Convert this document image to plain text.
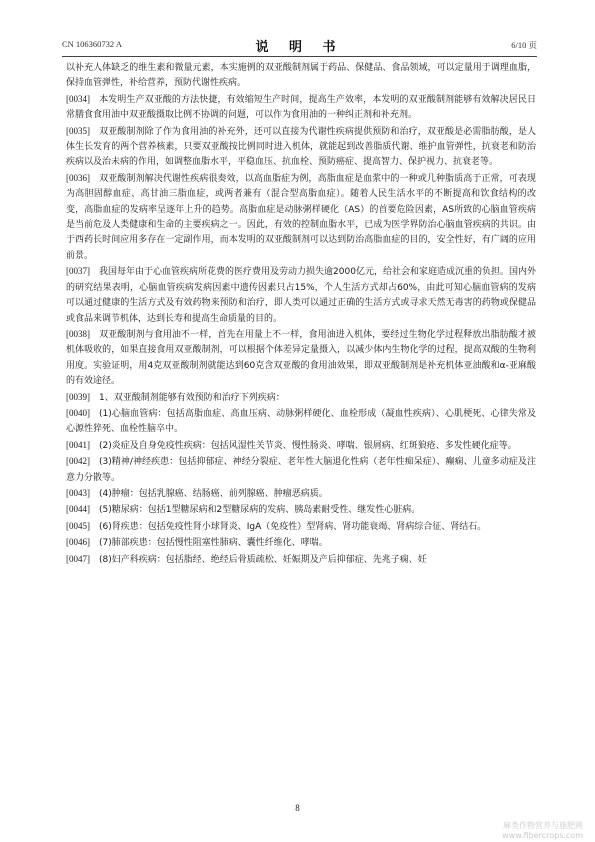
CN 106360732 A	说 明 书	6/10 页

以补充人体缺乏的维生素和微量元素，本实施例的双亚酸制剂属于药品、保健品、食品领域，可以定量用于调理血脂，保持血管弹性，补给营养，预防代谢性疾病。

[0034] 本发明生产双亚酸的方法快捷，有效缩短生产时间，提高生产效率，本发明的双亚酸制剂能够有效解决居民日常膳食食用油中双亚酸摄取比例不协调的问题，可以作为食用油的一种纠正剂和补充剂。

[0035] 双亚酸制剂除了作为食用油的补充外，还可以直接为代谢性疾病提供预防和治疗，双亚酸是必需脂肪酸，是人体生长发育的两个营养核素，只要双亚酸按比例同时进入机体，就能起到改善脂质代谢、维护血管弹性，抗衰老和防治疾病以及治未病的作用，如调整血脂水平，平稳血压、抗血栓、预防癌症、提高智力、保护视力、抗衰老等。

[0036] 双亚酸制剂解决代谢性疾病很奏效，以高血脂症为例，高脂血症是血浆中的一种或几种脂质高于正常，可表现为高胆固醇血症、高甘油三脂血症，或两者兼有（混合型高脂血症）。随着人民生活水平的不断提高和饮食结构的改变，高脂血症的发病率呈逐年上升的趋势。高脂血症是动脉粥样硬化（AS）的首要危险因素，AS所致的心脑血管疾病是当前危及人类健康和生命的主要疾病之一。因此，有效的控制血脂水平，已成为医学界防治心脑血管疾病的共识。由于西药长时间应用多存在一定副作用，而本发明的双亚酸制剂可以达到防治高脂血症的目的，安全性好，有广阔的应用前景。

[0037] 我国每年由于心血管疾病所花费的医疗费用及劳动力损失逾2000亿元，给社会和家庭造成沉重的负担。国内外的研究结果表明，心脑血管疾病发病因素中遗传因素只占15%，个人生活方式却占60%，由此可知心脑血管病的发病可以通过健康的生活方式及有效药物来预防和治疗，即人类可以通过正确的生活方式或寻求天然无毒害的药物或保健品或食品来调节机体，达到长寿和提高生命质量的目的。

[0038] 双亚酸制剂与食用油不一样，首先在用量上不一样，食用油进入机体，要经过生物化学过程释放出脂肪酸才被机体吸收的，如果直接食用双亚酸制剂，可以根据个体差异定量摄入，以减少体内生物化学的过程，提高双酸的生物利用度。实验证明，用4克双亚酸制剂就能达到60克含双亚酸的食用油效果，即双亚酸制剂是补充机体亚油酸和α-亚麻酸的有效途径。

[0039] 1、双亚酸制剂能够有效预防和治疗下列疾病：

[0040] (1)心脑血管病：包括高脂血症、高血压病、动脉粥样硬化、血栓形成（凝血性疾病）、心肌梗死、心律失常及心源性猝死、血栓性脑卒中。

[0041] (2)炎症及自身免疫性疾病：包括风湿性关节炎、慢性肠炎、哮喘、银屑病、红斑狼疮、多发性硬化症等。

[0042] (3)精神/神经疾患：包括抑郁症、神经分裂症、老年性大脑退化性病（老年性痴呆症）、癫痫、儿童多动症及注意力分散等。

[0043] (4)肿瘤：包括乳腺癌、结肠癌、前列腺癌、肿瘤恶病质。

[0044] (5)糖尿病：包括1型糖尿病和2型糖尿病的发病、胰岛素耐受性、继发性心脏病。

[0045] (6)肾疾患：包括免疫性肾小球肾炎、IgA（免疫性）型肾病、肾功能衰竭、肾病综合征、肾结石。

[0046] (7)肺部疾患：包括慢性阻塞性肺病、囊性纤维化、哮喘。

[0047] (8)妇产科疾病：包括脂经、绝经后骨质疏松、妊娠期及产后抑郁症、先兆子痫、妊

8
麻类作物营养与施肥网
www.fibercrops.com
